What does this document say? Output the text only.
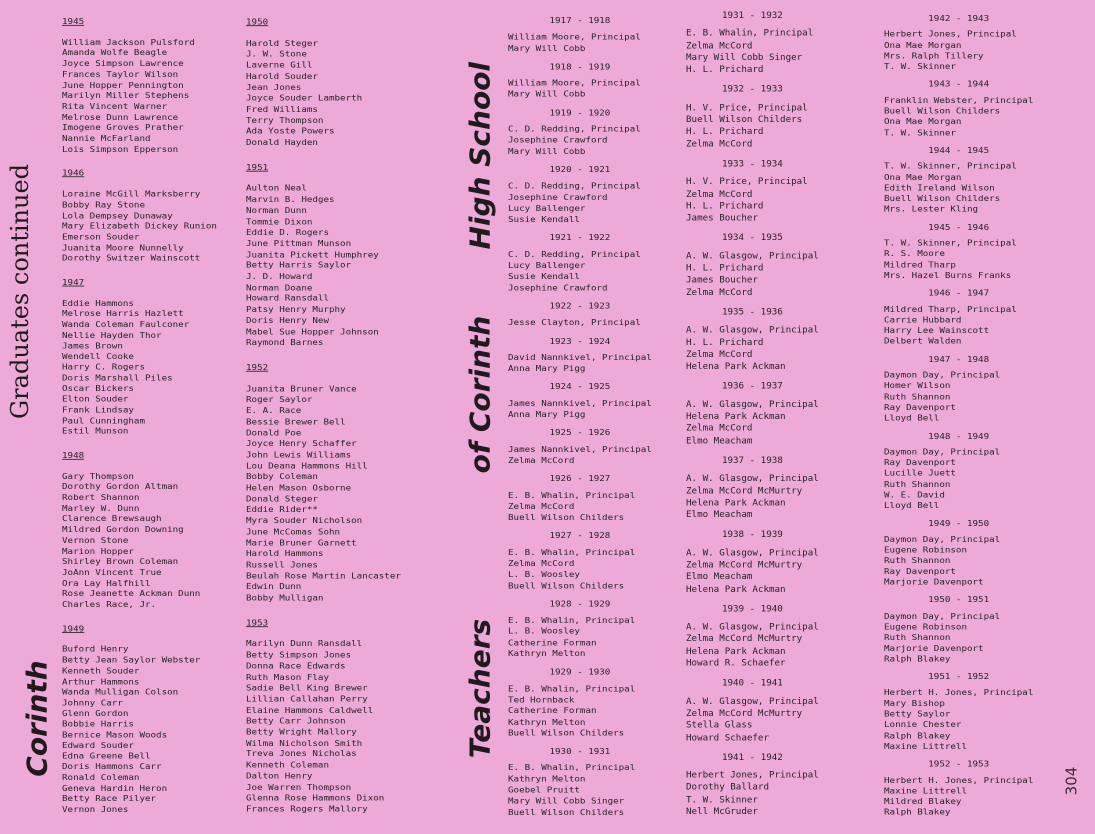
Graduates continued
Corinth
High School
of Corinth
Teachers
304
1945
William Jackson Pulsford
Amanda Wolfe Beagle
Joyce Simpson Lawrence
Frances Taylor Wilson
June Hopper Pennington
Marilyn Miller Stephens
Rita Vincent Warner
Melrose Dunn Lawrence
Imogene Groves Prather
Nannie McFarland
Lois Simpson Epperson
1946
Loraine McGill Marksberry
Bobby Ray Stone
Lola Dempsey Dunaway
Mary Elizabeth Dickey Runion
Emerson Souder
Juanita Moore Nunnelly
Dorothy Switzer Wainscott
1947
Eddie Hammons
Melrose Harris Hazlett
Wanda Coleman Faulconer
Nellie Hayden Thor
James Brown
Wendell Cooke
Harry C. Rogers
Doris Marshall Piles
Oscar Bickers
Elton Souder
Frank Lindsay
Paul Cunningham
Estil Munson
1948
Gary Thompson
Dorothy Gordon Altman
Robert Shannon
Marley W. Dunn
Clarence Brewsaugh
Mildred Gordon Downing
Vernon Stone
Marion Hopper
Shirley Brown Coleman
JoAnn Vincent True
Ora Lay Halfhill
Rose Jeanette Ackman Dunn
Charles Race, Jr.
1949
Buford Henry
Betty Jean Saylor Webster
Kenneth Souder
Arthur Hammons
Wanda Mulligan Colson
Johnny Carr
Glenn Gordon
Bobbie Harris
Bernice Mason Woods
Edward Souder
Edna Greene Bell
Doris Hammons Carr
Ronald Coleman
Geneva Hardin Heron
Betty Race Pilyer
Vernon Jones
1950
Harold Steger
J. W. Stone
Laverne Gill
Harold Souder
Jean Jones
Joyce Souder Lamberth
Fred Williams
Terry Thompson
Ada Yoste Powers
Donald Hayden
1951
Aulton Neal
Marvin B. Hedges
Norman Dunn
Tommie Dixon
Eddie D. Rogers
June Pittman Munson
Juanita Pickett Humphrey
Betty Harris Saylor
J. D. Howard
Norman Doane
Howard Ransdall
Patsy Henry Murphy
Doris Henry New
Mabel Sue Hopper Johnson
Raymond Barnes
1952
Juanita Bruner Vance
Roger Saylor
E. A. Race
Bessie Brewer Bell
Donald Poe
Joyce Henry Schaffer
John Lewis Williams
Lou Deana Hammons Hill
Bobby Coleman
Helen Mason Osborne
Donald Steger
Eddie Rider**
Myra Souder Nicholson
June McComas Sohn
Marie Bruner Garnett
Harold Hammons
Russell Jones
Beulah Rose Martin Lancaster
Edwin Dunn
Bobby Mulligan
1953
Marilyn Dunn Ransdall
Betty Simpson Jones
Donna Race Edwards
Ruth Mason Flay
Sadie Bell King Brewer
Lillian Callahan Perry
Elaine Hammons Caldwell
Betty Carr Johnson
Betty Wright Mallory
Wilma Nicholson Smith
Treva Jones Nicholas
Kenneth Coleman
Dalton Henry
Joe Warren Thompson
Glenna Rose Hammons Dixon
Frances Rogers Mallory
1917 - 1918
William Moore, Principal
Mary Will Cobb
1918 - 1919
William Moore, Principal
Mary Will Cobb
1919 - 1920
C. D. Redding, Principal
Josephine Crawford
Mary Will Cobb
1920 - 1921
C. D. Redding, Principal
Josephine Crawford
Lucy Ballenger
Susie Kendall
1921 - 1922
C. D. Redding, Principal
Lucy Ballenger
Susie Kendall
Josephine Crawford
1922 - 1923
Jesse Clayton, Principal
1923 - 1924
David Nannkivel, Principal
Anna Mary Pigg
1924 - 1925
James Nannkivel, Principal
Anna Mary Pigg
1925 - 1926
James Nannkivel, Principal
Zelma McCord
1926 - 1927
E. B. Whalin, Principal
Zelma McCord
Buell Wilson Childers
1927 - 1928
E. B. Whalin, Principal
Zelma McCord
L. B. Woosley
Buell Wilson Childers
1928 - 1929
E. B. Whalin, Principal
L. B. Woosley
Catherine Forman
Kathryn Melton
1929 - 1930
E. B. Whalin, Principal
Ted Hornback
Catherine Forman
Kathryn Melton
Buell Wilson Childers
1930 - 1931
E. B. Whalin, Principal
Kathryn Melton
Goebel Pruitt
Mary Will Cobb Singer
Buell Wilson Childers
1931 - 1932
E. B. Whalin, Principal
Zelma McCord
Mary Will Cobb Singer
H. L. Prichard
1932 - 1933
H. V. Price, Principal
Buell Wilson Childers
H. L. Prichard
Zelma McCord
1933 - 1934
H. V. Price, Principal
Zelma McCord
H. L. Prichard
James Boucher
1934 - 1935
A. W. Glasgow, Principal
H. L. Prichard
James Boucher
Zelma McCord
1935 - 1936
A. W. Glasgow, Principal
H. L. Prichard
Zelma McCord
Helena Park Ackman
1936 - 1937
A. W. Glasgow, Principal
Helena Park Ackman
Zelma McCord
Elmo Meacham
1937 - 1938
A. W. Glasgow, Principal
Zelma McCord McMurtry
Helena Park Ackman
Elmo Meacham
1938 - 1939
A. W. Glasgow, Principal
Zelma McCord McMurtry
Elmo Meacham
Helena Park Ackman
1939 - 1940
A. W. Glasgow, Principal
Zelma McCord McMurtry
Helena Park Ackman
Howard R. Schaefer
1940 - 1941
A. W. Glasgow, Principal
Zelma McCord McMurtry
Stella Glass
Howard Schaefer
1941 - 1942
Herbert Jones, Principal
Dorothy Ballard
T. W. Skinner
Nell McGruder
1942 - 1943
Herbert Jones, Principal
Ona Mae Morgan
Mrs. Ralph Tillery
T. W. Skinner
1943 - 1944
Franklin Webster, Principal
Buell Wilson Childers
Ona Mae Morgan
T. W. Skinner
1944 - 1945
T. W. Skinner, Principal
Ona Mae Morgan
Edith Ireland Wilson
Buell Wilson Childers
Mrs. Lester Kling
1945 - 1946
T. W. Skinner, Principal
R. S. Moore
Mildred Tharp
Mrs. Hazel Burns Franks
1946 - 1947
Mildred Tharp, Principal
Carrie Hubbard
Harry Lee Wainscott
Delbert Walden
1947 - 1948
Daymon Day, Principal
Homer Wilson
Ruth Shannon
Ray Davenport
Lloyd Bell
1948 - 1949
Daymon Day, Principal
Ray Davenport
Lucille Juett
Ruth Shannon
W. E. David
Lloyd Bell
1949 - 1950
Daymon Day, Principal
Eugene Robinson
Ruth Shannon
Ray Davenport
Marjorie Davenport
1950 - 1951
Daymon Day, Principal
Eugene Robinson
Ruth Shannon
Marjorie Davenport
Ralph Blakey
1951 - 1952
Herbert H. Jones, Principal
Mary Bishop
Betty Saylor
Lonnie Chester
Ralph Blakey
Maxine Littrell
1952 - 1953
Herbert H. Jones, Principal
Maxine Littrell
Mildred Blakey
Ralph Blakey
